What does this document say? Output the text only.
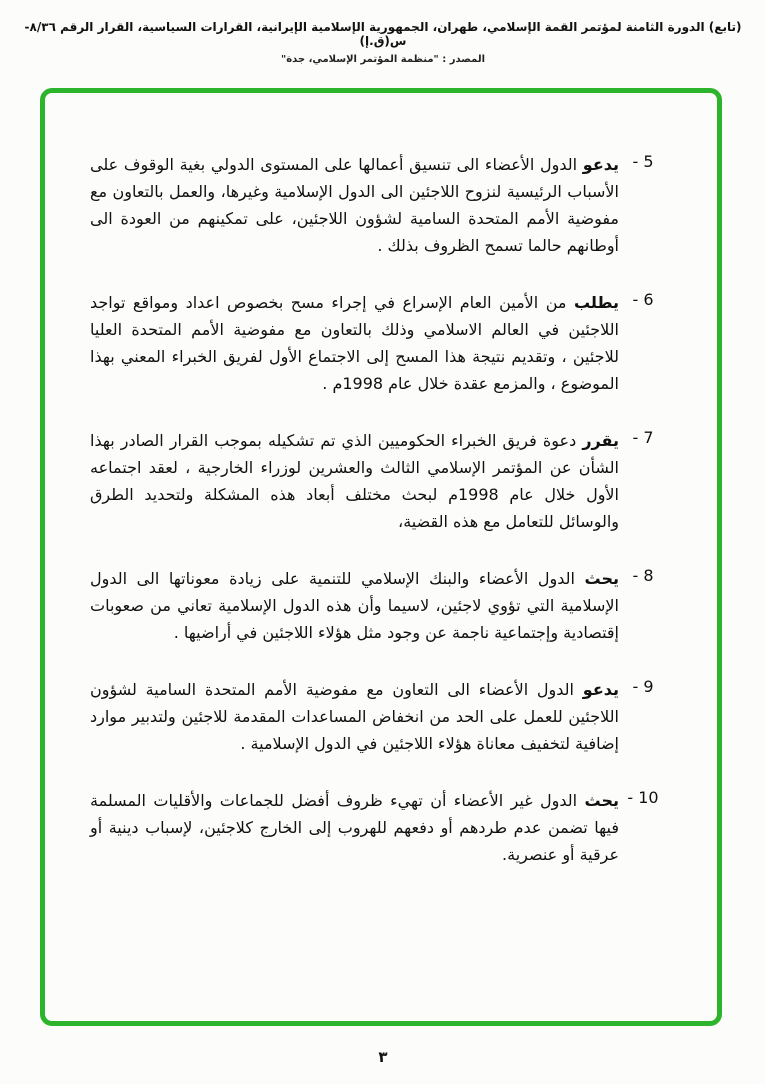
(تابع) الدورة الثامنة لمؤتمر القمة الإسلامي، طهران، الجمهورية الإسلامية الإيرانية، القرارات السياسية، القرار الرقم ٨/٣٦-س(ق.إ)
المصدر : "منظمة المؤتمر الإسلامي، جدة"
- 5
يدعو الدول الأعضاء الى تنسيق أعمالها على المستوى الدولي بغية الوقوف على الأسباب الرئيسية لنزوح اللاجئين الى الدول الإسلامية وغيرها، والعمل بالتعاون مع مفوضية الأمم المتحدة السامية لشؤون اللاجئين، على تمكينهم من العودة الى أوطانهم حالما تسمح الظروف بذلك .
- 6
يطلب من الأمين العام الإسراع في إجراء مسح بخصوص اعداد ومواقع تواجد اللاجئين في العالم الاسلامي وذلك بالتعاون مع مفوضية الأمم المتحدة العليا للاجئين ، وتقديم نتيجة هذا المسح إلى الاجتماع الأول لفريق الخبراء المعني بهذا الموضوع ، والمزمع عقدة خلال عام 1998م .
- 7
يقرر دعوة فريق الخبراء الحكوميين الذي تم تشكيله بموجب القرار الصادر بهذا الشأن عن المؤتمر الإسلامي الثالث والعشرين لوزراء الخارجية ، لعقد اجتماعه الأول خلال عام 1998م لبحث مختلف أبعاد هذه المشكلة ولتحديد الطرق والوسائل للتعامل مع هذه القضية،
- 8
يحث الدول الأعضاء والبنك الإسلامي للتنمية على زيادة معوناتها الى الدول الإسلامية التي تؤوي لاجئين، لاسيما وأن هذه الدول الإسلامية تعاني من صعوبات إقتصادية وإجتماعية ناجمة عن وجود مثل هؤلاء اللاجئين في أراضيها .
- 9
يدعو الدول الأعضاء الى التعاون مع مفوضية الأمم المتحدة السامية لشؤون اللاجئين للعمل على الحد من انخفاض المساعدات المقدمة للاجئين ولتدبير موارد إضافية لتخفيف معاناة هؤلاء اللاجئين في الدول الإسلامية .
- 10
يحث الدول غير الأعضاء أن تهيء ظروف أفضل للجماعات والأقليات المسلمة فيها تضمن عدم طردهم أو دفعهم للهروب إلى الخارج كلاجئين، لإسباب دينية أو عرقية أو عنصرية.
٣
